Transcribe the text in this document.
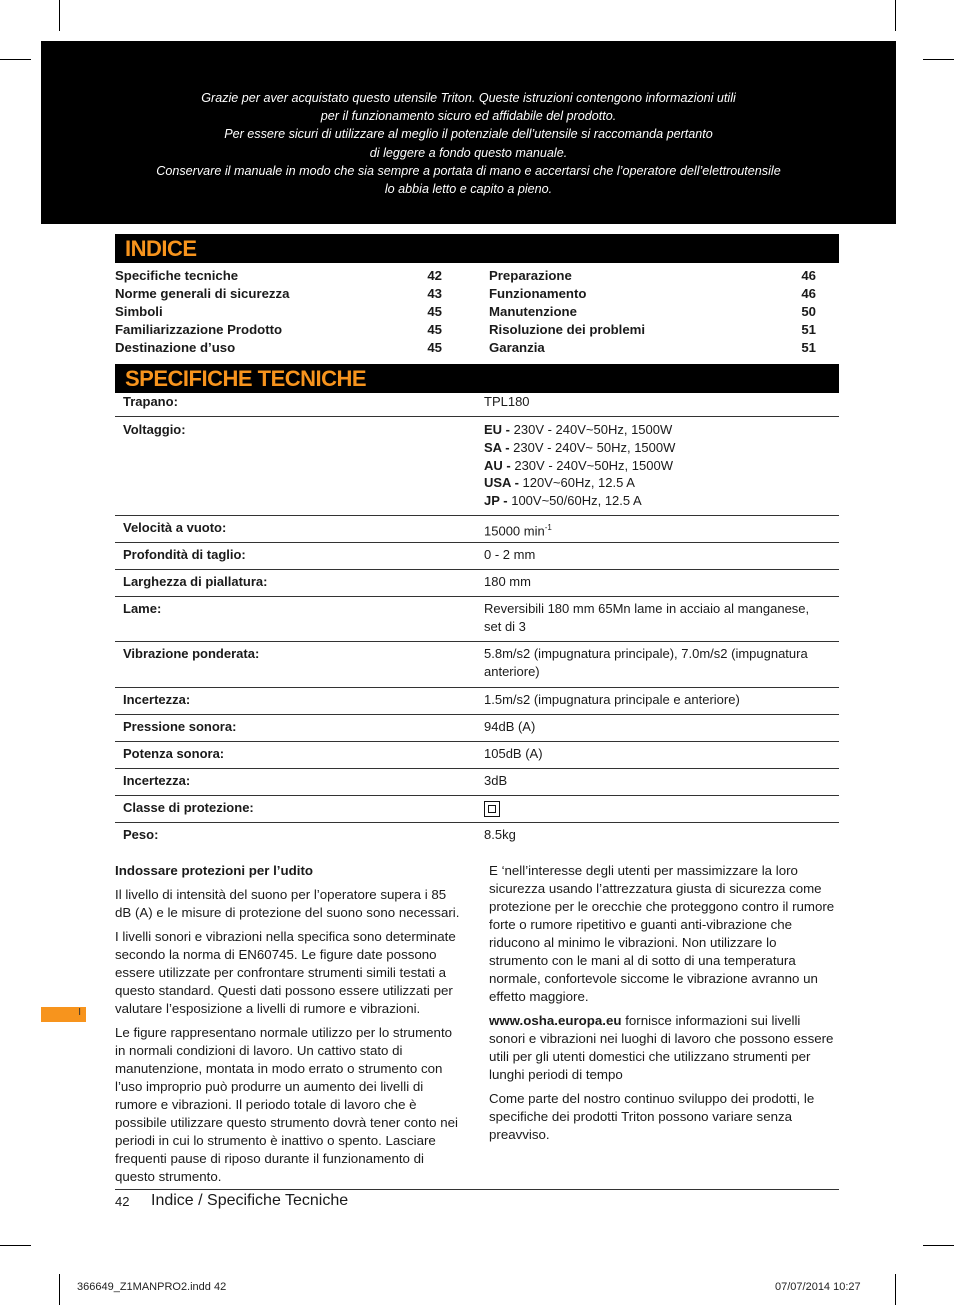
Grazie per aver acquistato questo utensile Triton. Queste istruzioni contengono informazioni utili
per il funzionamento sicuro ed affidabile del prodotto.
Per essere sicuri di utilizzare al meglio il potenziale dell’utensile si raccomanda pertanto
di leggere a fondo questo manuale.
Conservare il manuale in modo che sia sempre a portata di mano e accertarsi che l’operatore dell’elettroutensile
lo abbia letto e capito a pieno.
INDICE
Specifiche tecniche	42
Norme generali di sicurezza	43
Simboli	45
Familiarizzazione Prodotto	45
Destinazione d’uso	45
Preparazione	46
Funzionamento	46
Manutenzione	50
Risoluzione dei problemi	51
Garanzia	51
SPECIFICHE TECNICHE
Trapano:	TPL180
Voltaggio:	EU - 230V - 240V~50Hz, 1500W
SA - 230V - 240V~ 50Hz, 1500W
AU - 230V - 240V~50Hz, 1500W
USA - 120V~60Hz, 12.5 A
JP - 100V~50/60Hz, 12.5 A
Velocità a vuoto:	15000 $\min^{-1}$
Profondità di taglio:	0 - 2 mm
Larghezza di piallatura:	180 mm
Lame:	Reversibili 180 mm 65Mn lame in acciaio al manganese, set di 3
Vibrazione ponderata:	5.8m/s2 (impugnatura principale), 7.0m/s2 (impugnatura anteriore)
Incertezza:	1.5m/s2 (impugnatura principale e anteriore)
Pressione sonora:	94dB (A)
Potenza sonora:	105dB (A)
Incertezza:	3dB
Classe di protezione:
Peso:	8.5kg

Indossare protezioni per l’udito

Il livello di intensità del suono per l’operatore supera i 85 dB (A) e le misure di protezione del suono sono necessari.

I livelli sonori e vibrazioni nella specifica sono determinate secondo la norma di EN60745. Le figure date possono essere utilizzate per confrontare strumenti simili testati a questo standard. Questi dati possono essere utilizzati per valutare l’esposizione a livelli di rumore e vibrazioni.

Le figure rappresentano normale utilizzo per lo strumento in normali condizioni di lavoro. Un cattivo stato di manutenzione, montata in modo errato o strumento con l’uso improprio può produrre un aumento dei livelli di rumore e vibrazioni. Il periodo totale di lavoro che è possibile utilizzare questo strumento dovrà tener conto nei periodi in cui lo strumento è inattivo o spento. Lasciare frequenti pause di riposo durante il funzionamento di questo strumento.

E ‘nell’interesse degli utenti per massimizzare la loro sicurezza usando l’attrezzatura giusta di sicurezza come protezione per le orecchie che proteggono contro il rumore forte o rumore ripetitivo e guanti anti-vibrazione che riducono al minimo le vibrazioni. Non utilizzare lo strumento con le mani al di sotto di una temperatura normale, confortevole siccome le vibrazione avranno un effetto maggiore.

www.osha.europa.eu fornisce informazioni sui livelli sonori e vibrazioni nei luoghi di lavoro che possono essere utili per gli utenti domestici che utilizzano strumenti per lunghi periodi di tempo

Come parte del nostro continuo sviluppo dei prodotti, le specifiche dei prodotti Triton possono variare senza preavviso.

I
42 Indice / Specifiche Tecniche
366649_Z1MANPRO2.indd 42	07/07/2014 10:27
